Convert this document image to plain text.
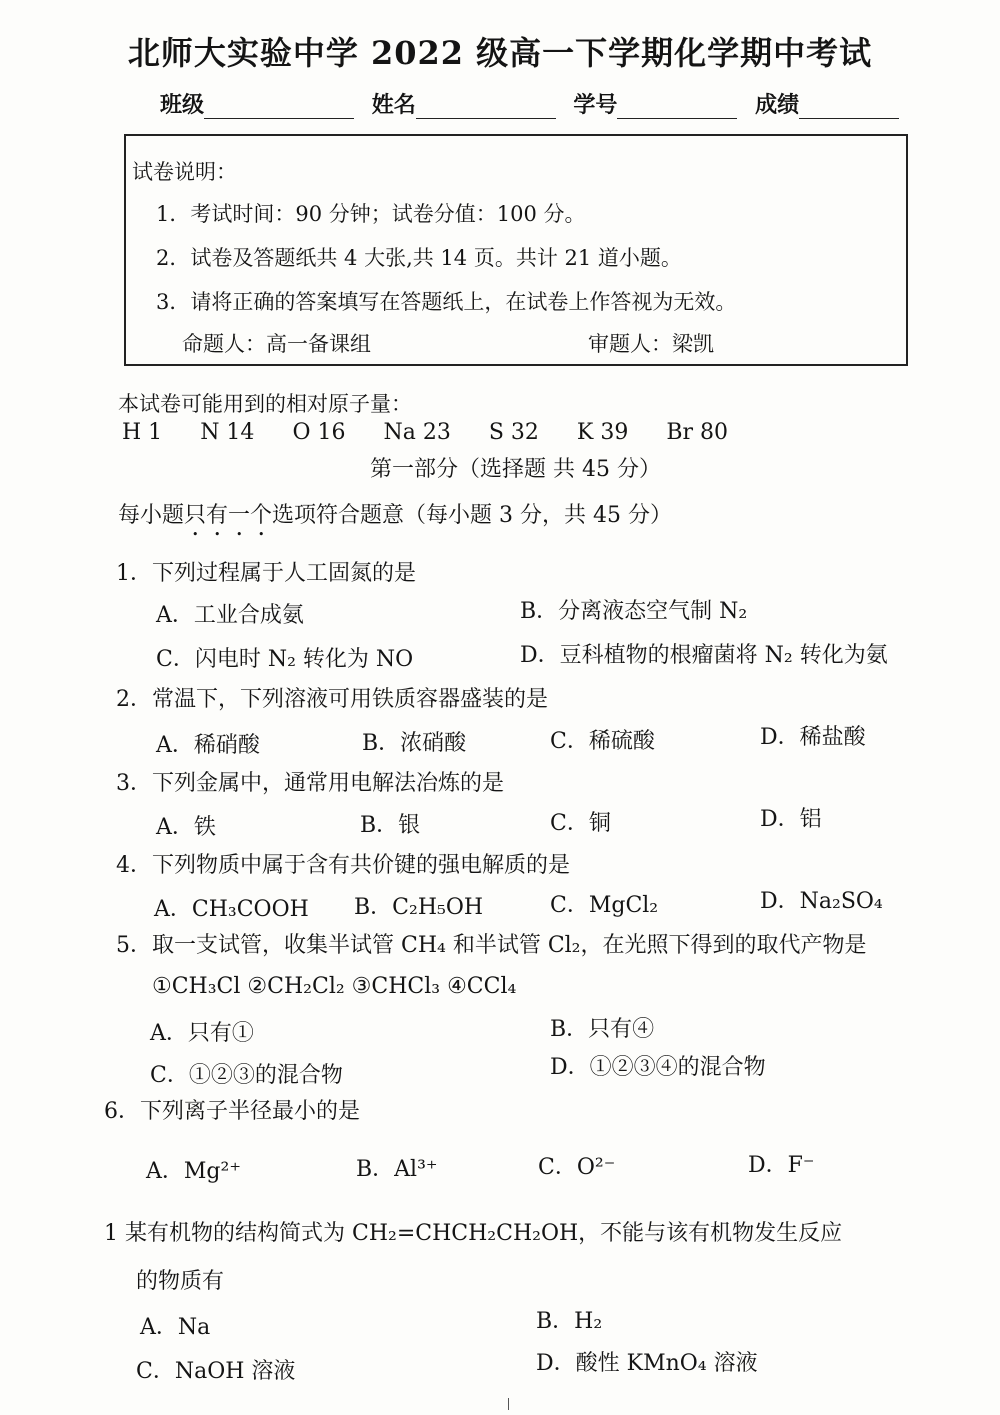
北师大实验中学 2022 级高一下学期化学期中考试
班级	姓名	学号	成绩
试卷说明：
1．考试时间：90 分钟；试卷分值：100 分。
2．试卷及答题纸共 4 大张,共 14 页。共计 21 道小题。
3．请将正确的答案填写在答题纸上，在试卷上作答视为无效。
命题人：高一备课组	审题人：梁凯
本试卷可能用到的相对原子量：
H 1 N 14 O 16 Na 23 S 32 K 39 Br 80
第一部分（选择题 共 45 分）
每小题只有一个选项符合题意（每小题 3 分，共 45 分）
1．下列过程属于人工固氮的是
A．工业合成氨	B．分离液态空气制 N₂
C．闪电时 N₂ 转化为 NO	D．豆科植物的根瘤菌将 N₂ 转化为氨
2．常温下，下列溶液可用铁质容器盛装的是
A．稀硝酸	B．浓硝酸	C．稀硫酸	D．稀盐酸
3．下列金属中，通常用电解法冶炼的是
A．铁	B．银	C．铜	D．铝
4．下列物质中属于含有共价键的强电解质的是
A．CH₃COOH B．C₂H₅OH	C．MgCl₂	D．Na₂SO₄
5．取一支试管，收集半试管 CH₄ 和半试管 Cl₂，在光照下得到的取代产物是
①CH₃Cl ②CH₂Cl₂ ③CHCl₃ ④CCl₄
A．只有①	B．只有④
C．①②③的混合物	D．①②③④的混合物
6．下列离子半径最小的是
A．Mg²⁺	B．Al³⁺	C．O²⁻	D．F⁻
1 某有机物的结构简式为 CH₂=CHCH₂CH₂OH，不能与该有机物发生反应
的物质有
A．Na	B．H₂
C．NaOH 溶液	D．酸性 KMnO₄ 溶液
